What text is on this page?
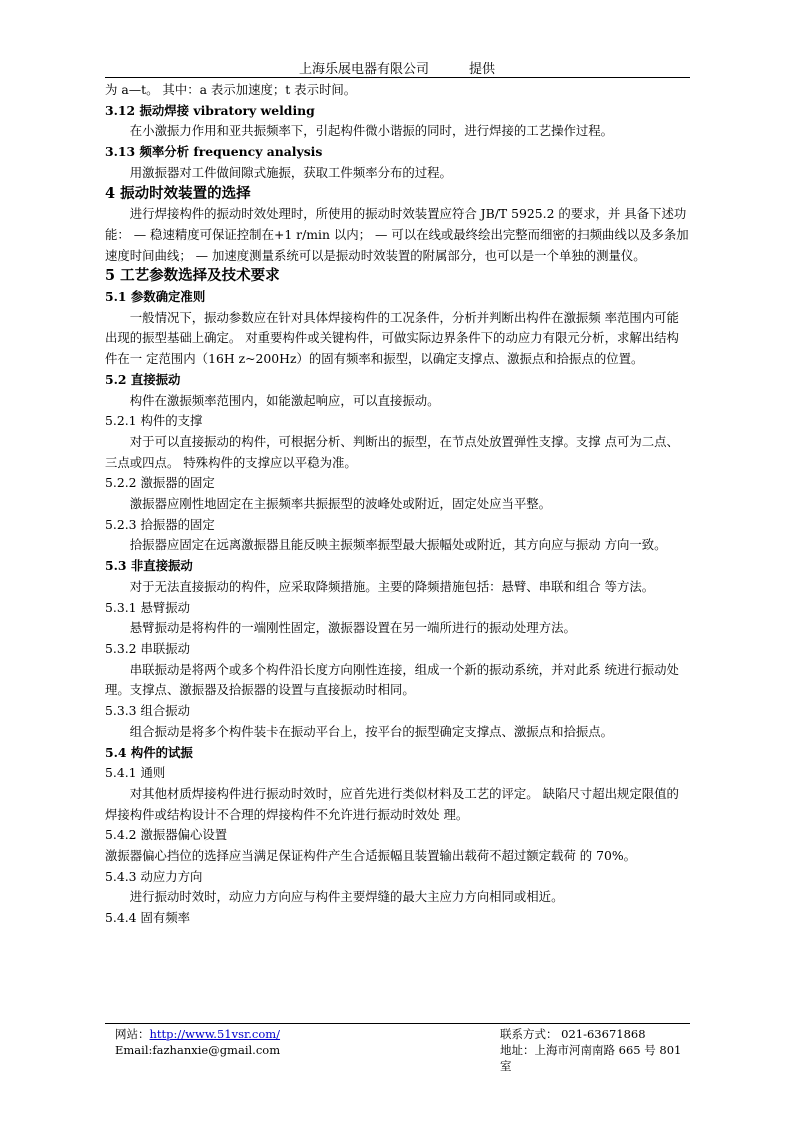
上海乐展电器有限公司	提供

为 a—t。 其中：a 表示加速度；t 表示时间。

3.12 振动焊接 vibratory welding

在小激振力作用和亚共振频率下，引起构件微小谐振的同时，进行焊接的工艺操作过程。

3.13 频率分析 frequency analysis

用激振器对工件做间隙式施振，获取工件频率分布的过程。

4 振动时效装置的选择

进行焊接构件的振动时效处理时，所使用的振动时效装置应符合 JB/T 5925.2 的要求，并 具备下述功能： — 稳速精度可保证控制在+1 r/min 以内； — 可以在线或最终绘出完整而细密的扫频曲线以及多条加速度时间曲线； — 加速度测量系统可以是振动时效装置的附属部分，也可以是一个单独的测量仪。

5 工艺参数选择及技术要求

5.1 参数确定准则

一般情况下，振动参数应在针对具体焊接构件的工况条件，分析并判断出构件在激振频 率范围内可能出现的振型基础上确定。 对重要构件或关键构件，可做实际边界条件下的动应力有限元分析，求解出结构件在一 定范围内（16H z~200Hz）的固有频率和振型，以确定支撑点、激振点和拾振点的位置。

5.2 直接振动

构件在激振频率范围内，如能激起响应，可以直接振动。

5.2.1 构件的支撑

对于可以直接振动的构件，可根据分析、判断出的振型，在节点处放置弹性支撑。支撑 点可为二点、三点或四点。 特殊构件的支撑应以平稳为准。

5.2.2 激振器的固定

激振器应刚性地固定在主振频率共振振型的波峰处或附近，固定处应当平整。

5.2.3 拾振器的固定

拾振器应固定在远离激振器且能反映主振频率振型最大振幅处或附近，其方向应与振动 方向一致。

5.3 非直接振动

对于无法直接振动的构件，应采取降频措施。主要的降频措施包括：悬臂、串联和组合 等方法。

5.3.1 悬臂振动

悬臂振动是将构件的一端刚性固定，激振器设置在另一端所进行的振动处理方法。

5.3.2 串联振动

串联振动是将两个或多个构件沿长度方向刚性连接，组成一个新的振动系统，并对此系 统进行振动处理。支撑点、激振器及拾振器的设置与直接振动时相同。

5.3.3 组合振动

组合振动是将多个构件装卡在振动平台上，按平台的振型确定支撑点、激振点和拾振点。

5.4 构件的试振

5.4.1 通则

对其他材质焊接构件进行振动时效时，应首先进行类似材料及工艺的评定。 缺陷尺寸超出规定限值的焊接构件或结构设计不合理的焊接构件不允许进行振动时效处 理。

5.4.2 激振器偏心设置

激振器偏心挡位的选择应当满足保证构件产生合适振幅且装置输出载荷不超过额定载荷 的 70%。

5.4.3 动应力方向

进行振动时效时，动应力方向应与构件主要焊缝的最大主应力方向相同或相近。

5.4.4 固有频率

网站：http://www.51vsr.com/
Email:fazhanxie@gmail.com
联系方式： 021-63671868
地址：上海市河南南路 665 号 801 室
